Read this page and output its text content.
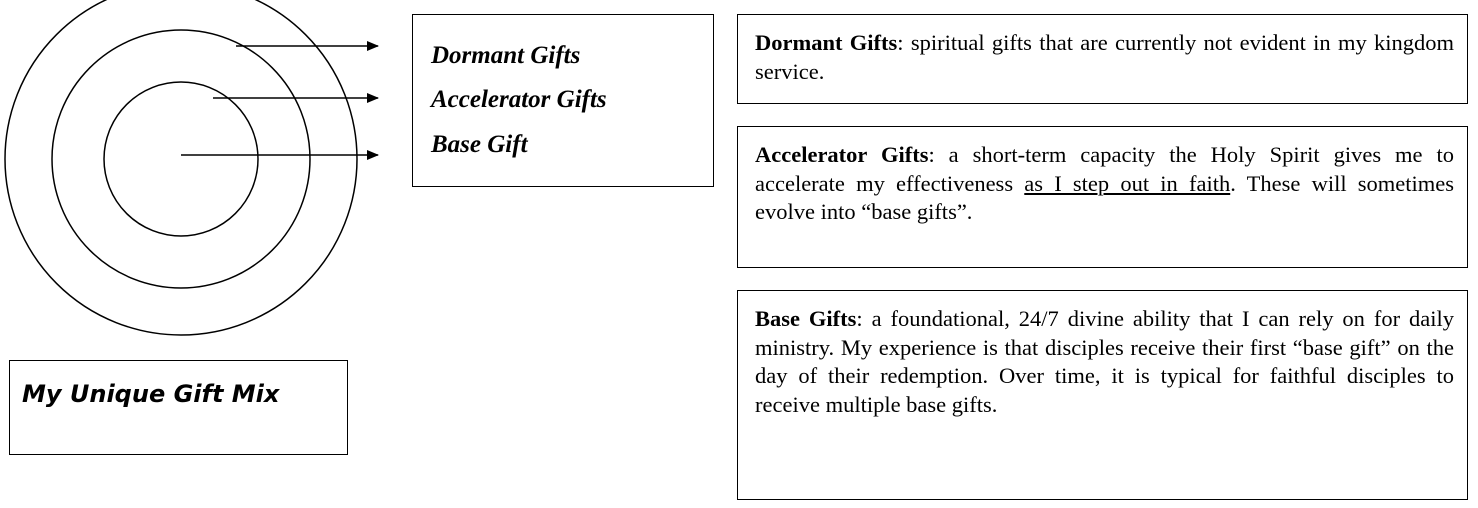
Dormant Gifts
Accelerator Gifts
Base Gift
My Unique Gift Mix
Dormant Gifts: spiritual gifts that are currently not evident in my kingdom service.
Accelerator Gifts: a short-term capacity the Holy Spirit gives me to accelerate my effectiveness as I step out in faith. These will sometimes evolve into “base gifts”.
Base Gifts: a foundational, 24/7 divine ability that I can rely on for daily ministry. My experience is that disciples receive their first “base gift” on the day of their redemption. Over time, it is typical for faithful disciples to receive multiple base gifts.
